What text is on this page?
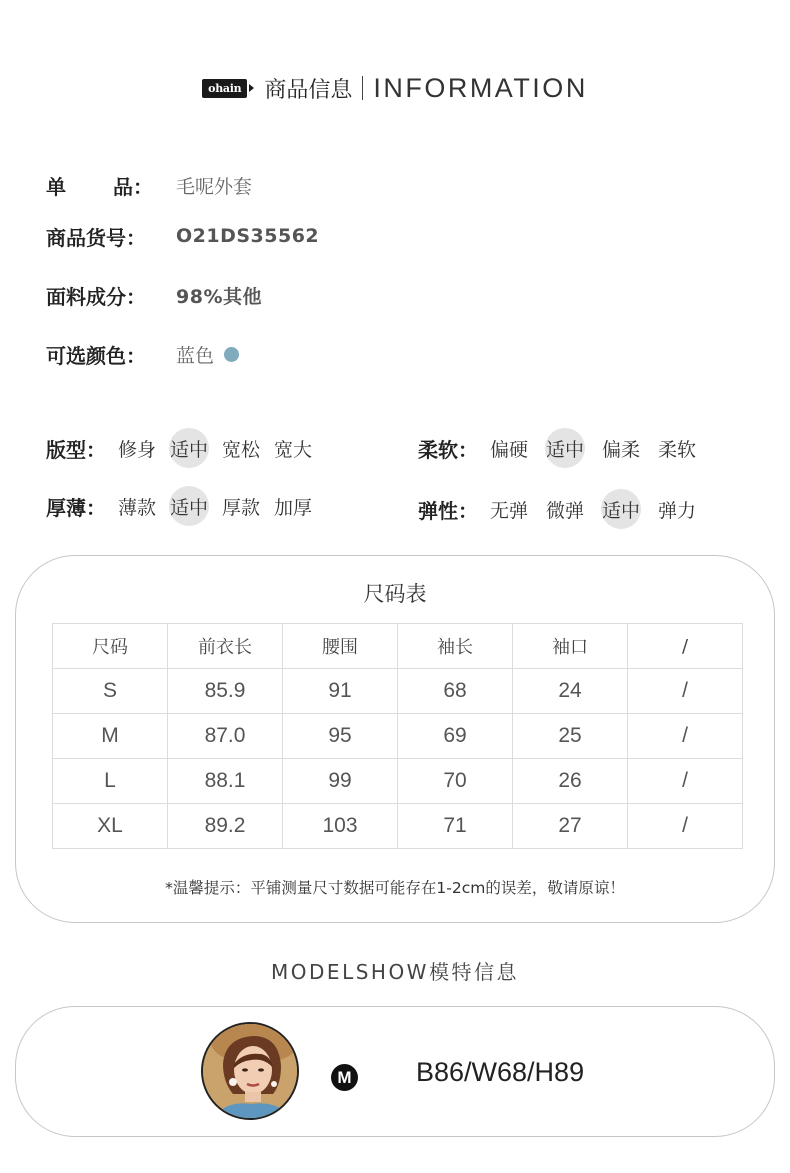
ohain 商品信息 INFORMATION
单 品： 毛呢外套
商品货号：	O21DS35562
面料成分：	98%其他
可选颜色：	蓝色
版型： 修身 适中 宽松 宽大	柔软： 偏硬 适中 偏柔 柔软
厚薄： 薄款 适中 厚款 加厚	弹性： 无弹 微弹 适中 弹力
尺码表
尺码	前衣长	腰围	袖长	袖口	/
S	85.9	91	68	24	/
M	87.0	95	69	25	/
L	88.1	99	70	26	/
XL	89.2	103	71	27	/
*温馨提示：平铺测量尺寸数据可能存在1-2cm的误差，敬请原谅！
MODELSHOW模特信息
M B86/W68/H89
